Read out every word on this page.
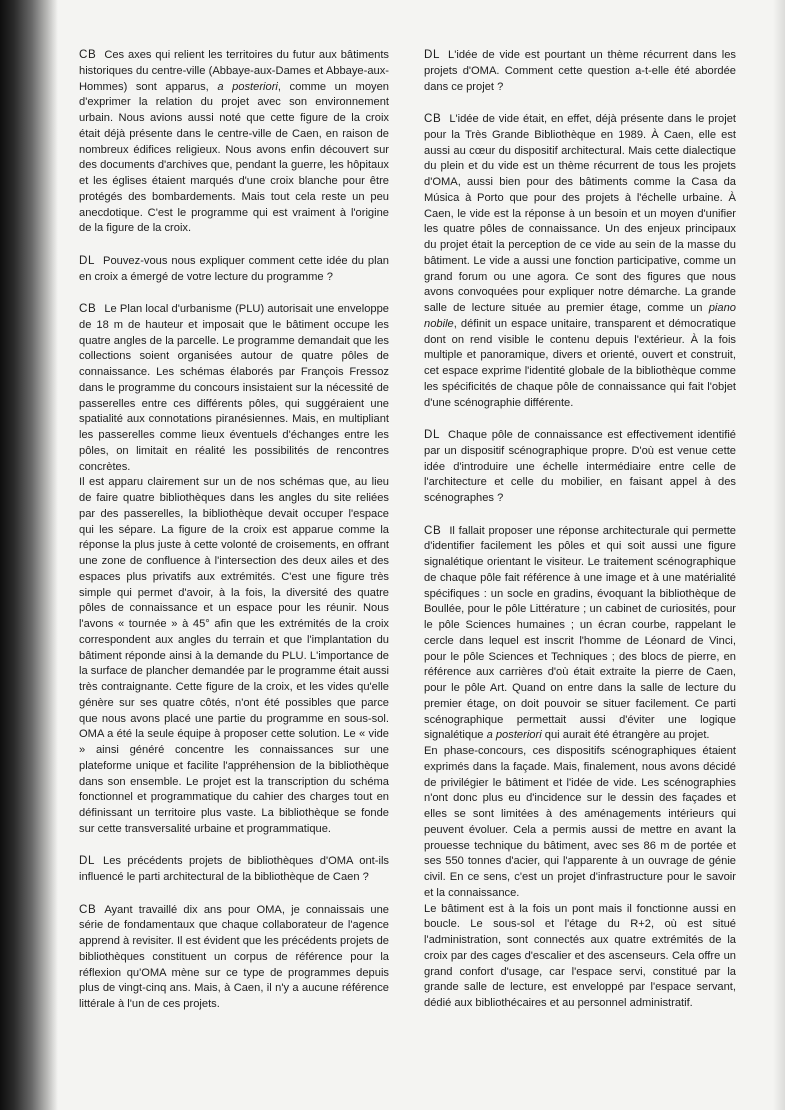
CB Ces axes qui relient les territoires du futur aux bâtiments historiques du centre-ville (Abbaye-aux-Dames et Abbaye-aux-Hommes) sont apparus, a posteriori, comme un moyen d'exprimer la relation du projet avec son environnement urbain. Nous avions aussi noté que cette figure de la croix était déjà présente dans le centre-ville de Caen, en raison de nombreux édifices religieux. Nous avons enfin découvert sur des documents d'archives que, pendant la guerre, les hôpitaux et les églises étaient marqués d'une croix blanche pour être protégés des bombardements. Mais tout cela reste un peu anecdotique. C'est le programme qui est vraiment à l'origine de la figure de la croix.

DL Pouvez-vous nous expliquer comment cette idée du plan en croix a émergé de votre lecture du programme ?

CB Le Plan local d'urbanisme (PLU) autorisait une enveloppe de 18 m de hauteur et imposait que le bâtiment occupe les quatre angles de la parcelle. Le programme demandait que les collections soient organisées autour de quatre pôles de connaissance. Les schémas élaborés par François Fressoz dans le programme du concours insistaient sur la nécessité de passerelles entre ces différents pôles, qui suggéraient une spatialité aux connotations piranésiennes. Mais, en multipliant les passerelles comme lieux éventuels d'échanges entre les pôles, on limitait en réalité les possibilités de rencontres concrètes.

Il est apparu clairement sur un de nos schémas que, au lieu de faire quatre bibliothèques dans les angles du site reliées par des passerelles, la bibliothèque devait occuper l'espace qui les sépare. La figure de la croix est apparue comme la réponse la plus juste à cette volonté de croisements, en offrant une zone de confluence à l'intersection des deux ailes et des espaces plus privatifs aux extrémités. C'est une figure très simple qui permet d'avoir, à la fois, la diversité des quatre pôles de connaissance et un espace pour les réunir. Nous l'avons « tournée » à 45° afin que les extrémités de la croix correspondent aux angles du terrain et que l'implantation du bâtiment réponde ainsi à la demande du PLU. L'importance de la surface de plancher demandée par le programme était aussi très contraignante. Cette figure de la croix, et les vides qu'elle génère sur ses quatre côtés, n'ont été possibles que parce que nous avons placé une partie du programme en sous-sol. OMA a été la seule équipe à proposer cette solution. Le « vide » ainsi généré concentre les connaissances sur une plateforme unique et facilite l'appréhension de la bibliothèque dans son ensemble. Le projet est la transcription du schéma fonctionnel et programmatique du cahier des charges tout en définissant un territoire plus vaste. La bibliothèque se fonde sur cette transversalité urbaine et programmatique.

DL Les précédents projets de bibliothèques d'OMA ont-ils influencé le parti architectural de la bibliothèque de Caen ?

CB Ayant travaillé dix ans pour OMA, je connaissais une série de fondamentaux que chaque collaborateur de l'agence apprend à revisiter. Il est évident que les précédents projets de bibliothèques constituent un corpus de référence pour la réflexion qu'OMA mène sur ce type de programmes depuis plus de vingt-cinq ans. Mais, à Caen, il n'y a aucune référence littérale à l'un de ces projets.

DL L'idée de vide est pourtant un thème récurrent dans les projets d'OMA. Comment cette question a-t-elle été abordée dans ce projet ?

CB L'idée de vide était, en effet, déjà présente dans le projet pour la Très Grande Bibliothèque en 1989. À Caen, elle est aussi au cœur du dispositif architectural. Mais cette dialectique du plein et du vide est un thème récurrent de tous les projets d'OMA, aussi bien pour des bâtiments comme la Casa da Música à Porto que pour des projets à l'échelle urbaine. À Caen, le vide est la réponse à un besoin et un moyen d'unifier les quatre pôles de connaissance. Un des enjeux principaux du projet était la perception de ce vide au sein de la masse du bâtiment. Le vide a aussi une fonction participative, comme un grand forum ou une agora. Ce sont des figures que nous avons convoquées pour expliquer notre démarche. La grande salle de lecture située au premier étage, comme un piano nobile, définit un espace unitaire, transparent et démocratique dont on rend visible le contenu depuis l'extérieur. À la fois multiple et panoramique, divers et orienté, ouvert et construit, cet espace exprime l'identité globale de la bibliothèque comme les spécificités de chaque pôle de connaissance qui fait l'objet d'une scénographie différente.

DL Chaque pôle de connaissance est effectivement identifié par un dispositif scénographique propre. D'où est venue cette idée d'introduire une échelle intermédiaire entre celle de l'architecture et celle du mobilier, en faisant appel à des scénographes ?

CB Il fallait proposer une réponse architecturale qui permette d'identifier facilement les pôles et qui soit aussi une figure signalétique orientant le visiteur. Le traitement scénographique de chaque pôle fait référence à une image et à une matérialité spécifiques : un socle en gradins, évoquant la bibliothèque de Boullée, pour le pôle Littérature ; un cabinet de curiosités, pour le pôle Sciences humaines ; un écran courbe, rappelant le cercle dans lequel est inscrit l'homme de Léonard de Vinci, pour le pôle Sciences et Techniques ; des blocs de pierre, en référence aux carrières d'où était extraite la pierre de Caen, pour le pôle Art. Quand on entre dans la salle de lecture du premier étage, on doit pouvoir se situer facilement. Ce parti scénographique permettait aussi d'éviter une logique signalétique a posteriori qui aurait été étrangère au projet.

En phase-concours, ces dispositifs scénographiques étaient exprimés dans la façade. Mais, finalement, nous avons décidé de privilégier le bâtiment et l'idée de vide. Les scénographies n'ont donc plus eu d'incidence sur le dessin des façades et elles se sont limitées à des aménagements intérieurs qui peuvent évoluer. Cela a permis aussi de mettre en avant la prouesse technique du bâtiment, avec ses 86 m de portée et ses 550 tonnes d'acier, qui l'apparente à un ouvrage de génie civil. En ce sens, c'est un projet d'infrastructure pour le savoir et la connaissance.

Le bâtiment est à la fois un pont mais il fonctionne aussi en boucle. Le sous-sol et l'étage du R+2, où est situé l'administration, sont connectés aux quatre extrémités de la croix par des cages d'escalier et des ascenseurs. Cela offre un grand confort d'usage, car l'espace servi, constitué par la grande salle de lecture, est enveloppé par l'espace servant, dédié aux bibliothécaires et au personnel administratif.
